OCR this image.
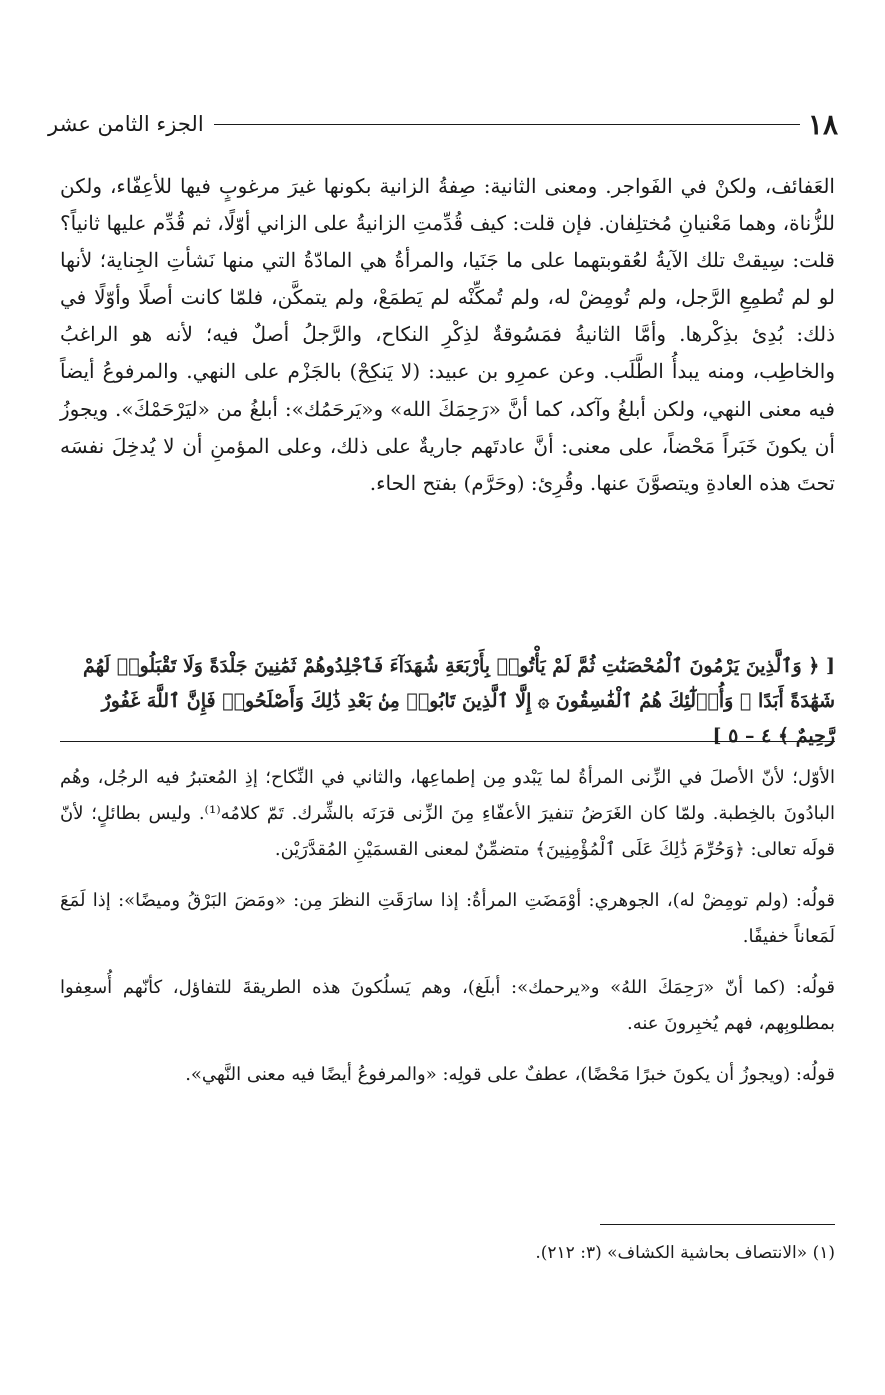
الجزء الثامن عشر	١٨

العَفائف، ولكنْ في الفَواجر. ومعنى الثانية: صِفةُ الزانية بكونها غيرَ مرغوبٍ فيها للأعِفّاء، ولكن للزُّناة، وهما مَعْنيانِ مُختلِفان. فإن قلت: كيف قُدِّمتِ الزانيةُ على الزاني أوّلًا، ثم قُدِّم عليها ثانياً؟ قلت: سِيقتْ تلك الآيةُ لعُقوبتهما على ما جَنَيا، والمرأةُ هي المادّةُ التي منها نَشأتِ الجِناية؛ لأنها لو لم تُطمِعِ الرَّجل، ولم تُومِضْ له، ولم تُمكِّنْه لم يَطمَعْ، ولم يتمكَّن، فلمّا كانت أصلًا وأوّلًا في ذلك: بُدِئ بذِكْرها. وأمَّا الثانيةُ فمَسُوقةٌ لذِكْرِ النكاح، والرَّجلُ أصلٌ فيه؛ لأنه هو الراغبُ والخاطِب، ومنه يبدأُ الطَّلَب. وعن عمرِو بن عبيد: (لا يَنكِحْ) بالجَزْم على النهي. والمرفوعُ أيضاً فيه معنى النهي، ولكن أبلغُ وآكد، كما أنَّ «رَحِمَكَ الله» و«يَرحَمُك»: أبلغُ من «ليَرْحَمْكَ». ويجوزُ أن يكونَ خَبَراً مَحْضاً، على معنى: أنَّ عادتَهم جاريةٌ على ذلك، وعلى المؤمنِ أن لا يُدخِلَ نفسَه تحتَ هذه العادةِ ويتصوَّنَ عنها. وقُرِئ: (وحَرَّم) بفتح الحاء.

[ ﴿ وَٱلَّذِينَ يَرْمُونَ ٱلْمُحْصَنَٰتِ ثُمَّ لَمْ يَأْتُوا۟ بِأَرْبَعَةِ شُهَدَآءَ فَٱجْلِدُوهُمْ ثَمَٰنِينَ جَلْدَةً وَلَا تَقْبَلُوا۟ لَهُمْ شَهَٰدَةً أَبَدًا ۚ وَأُو۟لَٰٓئِكَ هُمُ ٱلْفَٰسِقُونَ ۞ إِلَّا ٱلَّذِينَ تَابُوا۟ مِنۢ بَعْدِ ذَٰلِكَ وَأَصْلَحُوا۟ فَإِنَّ ٱللَّهَ غَفُورٌ رَّحِيمٌ ﴾ ٤ – ٥ ]

الأوّل؛ لأنّ الأصلَ في الزِّنى المرأةُ لما يَبْدو مِن إطماعِها، والثاني في النِّكاح؛ إذِ المُعتبرُ فيه الرجُل، وهُم البادُونَ بالخِطبة. ولمّا كان الغَرَضُ تنفيرَ الأعفّاءِ مِنَ الزِّنى قرَنَه بالشِّرك. تَمّ كلامُه⁽¹⁾. وليس بطائلٍ؛ لأنّ قولَه تعالى: ﴿وَحُرِّمَ ذَٰلِكَ عَلَى ٱلْمُؤْمِنِينَ﴾ متضمِّنٌ لمعنى القسمَيْنِ المُقدَّرَيْن.

قولُه: (ولم تومِضْ له)، الجوهري: أوْمَضَتِ المرأةُ: إذا سارَقَتِ النظرَ مِن: «ومَضَ البَرْقُ وميضًا»: إذا لَمَعَ لَمَعاناً خفيفًا.

قولُه: (كما أنّ «رَحِمَكَ اللهُ» و«يرحمك»: أبلَغ)، وهم يَسلُكونَ هذه الطريقةَ للتفاؤل، كأنّهم أُسعِفوا بمطلوبِهم، فهم يُخبِرونَ عنه.

قولُه: (ويجوزُ أن يكونَ خبرًا مَحْضًا)، عطفٌ على قولِه: «والمرفوعُ أيضًا فيه معنى النَّهي».

(١) «الانتصاف بحاشية الكشاف» (٣: ٢١٢).
